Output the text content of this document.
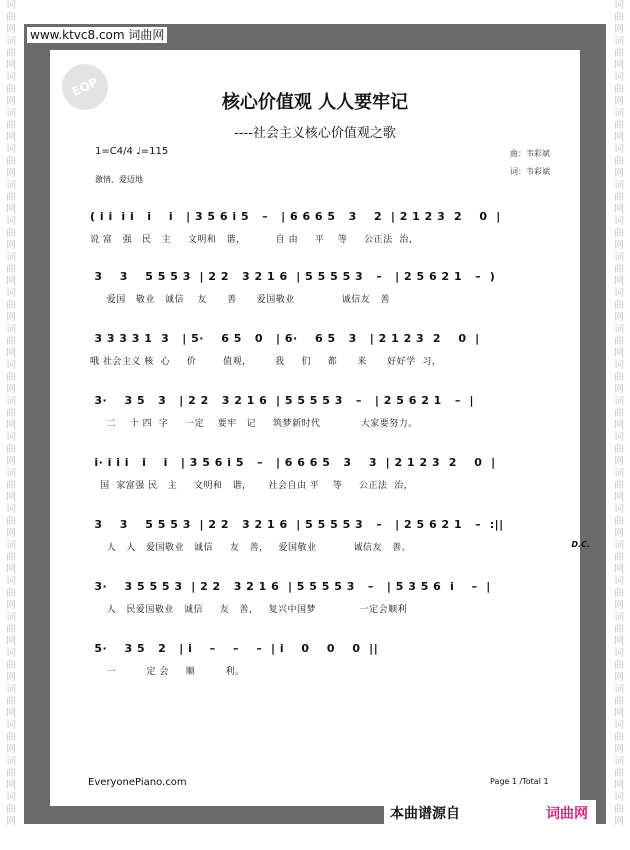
词
曲
网
词
曲
网
词
曲
网
词
曲
网
词
曲
网
词
曲
网
词
曲
网
词
曲
网
词
曲
网
词
曲
网
词
曲
网
词
曲
网
词
曲
网
词
曲
网
词
曲
网
词
曲
网
词
曲
网
词
曲
网
词
曲
网
词
曲
网
词
曲
网
词
曲
网
词
曲
网
词
曲
网
词
曲
网
词
曲
网
词
曲
网
词
曲
网
词
曲
网
词
曲
网
词
曲
网
词
曲
网
词
曲
网
词
曲
网
词
曲
网
词
曲
网
词
曲
网
词
曲
网
词
曲
网
词
曲
网
词
曲
网
词
曲
网
词
曲
网
词
曲
网
词
曲
网
词
曲
网
www.ktvc8.com 词曲网
EOP
核心价值观 人人要牢记
----社会主义核心价值观之歌
1=C4/4 ♩=115	曲：韦彩斌
词：韦彩斌
激情、爱迈地
( i i  i i   i    i   | 3 5 6 i 5   –   | 6 6 6 5   3    2  | 2 1 2 3  2    0  |
说 富   强   民   主     文明和   谐，         自 由     平    等     公正法  治，
3    3    5 5 5 3  | 2 2   3 2 1 6  | 5 5 5 5 3   –   | 2 5 6 2 1   –  )
爱国   敬业   诚信    友      善      爱国敬业              诚信友   善
3 3 3 3 1  3   | 5·    6 5   0   | 6·    6 5   3   | 2 1 2 3  2    0  |
哦 社会主义 核  心     价        值观，       我     们     都      来      好好学  习，
3·    3 5   3   | 2 2   3 2 1 6  | 5 5 5 5 3   –   | 2 5 6 2 1   –  |
二    十 四  字     一定    要牢   记     筑梦新时代            大家要努力。
i· i i i   i    i   | 3 5 6 i 5   –   | 6 6 6 5   3    3  | 2 1 2 3  2    0  |
国  家富强 民   主     文明和   谐，     社会自由 平    等     公正法  治，
3    3    5 5 5 3  | 2 2   3 2 1 6  | 5 5 5 5 3   –   | 2 5 6 2 1   –  :||
人   人   爱国敬业   诚信     友   善，   爱国敬业           诚信友   善。	D.C.
3·    3 5 5 5 3  | 2 2   3 2 1 6  | 5 5 5 5 3   –   | 5 3 5 6  i    –  |
人   民爱国敬业   诚信     友   善，   复兴中国梦             一定会顺利
5·    3 5   2   | i    –    –    –  | i    0    0    0  ||
一         定 会     顺         利。
EveryonePiano.com	Page 1 /Total 1
本曲谱源自	词曲网
